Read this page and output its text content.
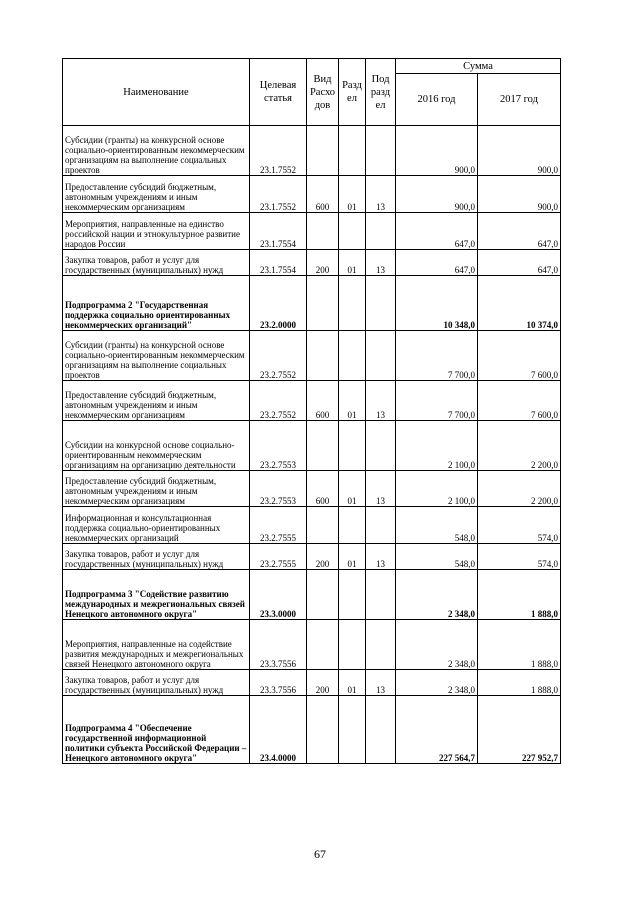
Наименование	Целевая статья	Вид Расхо дов	Разд ел	Под разд ел	Сумма	
					2016 год	2017 год
Субсидии (гранты) на конкурсной основе социально-ориентированным некоммерческим организациям на выполнение социальных проектов	23.1.7552				900,0	900,0
Предоставление субсидий бюджетным, автономным учреждениям и иным некоммерческим организациям	23.1.7552	600	01	13	900,0	900,0
Мероприятия, направленные на единство российской нации и этнокультурное развитие народов России	23.1.7554				647,0	647,0
Закупка товаров, работ и услуг для государственных (муниципальных) нужд	23.1.7554	200	01	13	647,0	647,0
Подпрограмма 2 "Государственная поддержка социально ориентированных некоммерческих организаций"	23.2.0000				10 348,0	10 374,0
Субсидии (гранты) на конкурсной основе социально-ориентированным некоммерческим организациям на выполнение социальных проектов	23.2.7552				7 700,0	7 600,0
Предоставление субсидий бюджетным, автономным учреждениям и иным некоммерческим организациям	23.2.7552	600	01	13	7 700,0	7 600,0
Субсидии на конкурсной основе социально-ориентированным некоммерческим организациям на организацию деятельности	23.2.7553				2 100,0	2 200,0
Предоставление субсидий бюджетным, автономным учреждениям и иным некоммерческим организациям	23.2.7553	600	01	13	2 100,0	2 200,0
Информационная и консультационная поддержка социально-ориентированных некоммерческих организаций	23.2.7555				548,0	574,0
Закупка товаров, работ и услуг для государственных (муниципальных) нужд	23.2.7555	200	01	13	548,0	574,0
Подпрограмма 3 "Содействие развитию международных и межрегиональных связей Ненецкого автономного округа"	23.3.0000				2 348,0	1 888,0
Мероприятия, направленные на содействие развития международных и межрегиональных связей Ненецкого автономного округа	23.3.7556				2 348,0	1 888,0
Закупка товаров, работ и услуг для государственных (муниципальных) нужд	23.3.7556	200	01	13	2 348,0	1 888,0
Подпрограмма 4 "Обеспечение государственной информационной политики субъекта Российской Федерации – Ненецкого автономного округа"	23.4.0000				227 564,7	227 952,7
67
